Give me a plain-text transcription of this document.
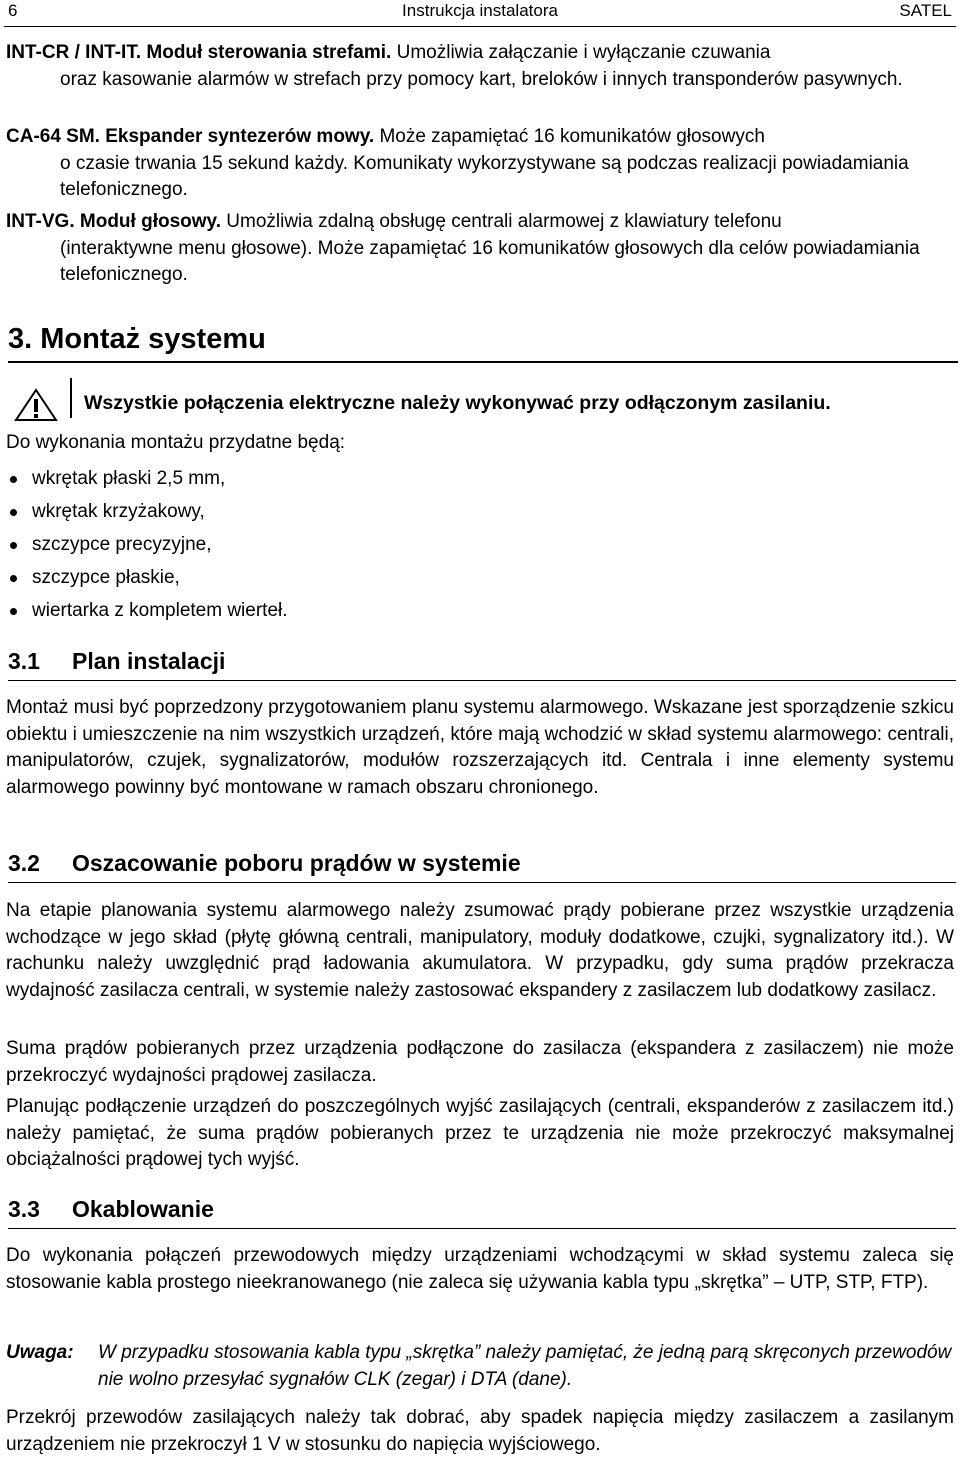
6	Instrukcja instalatora	SATEL
INT-CR / INT-IT. Moduł sterowania strefami. Umożliwia załączanie i wyłączanie czuwania
oraz kasowanie alarmów w strefach przy pomocy kart, breloków i innych transponderów pasywnych.
CA-64 SM. Ekspander syntezerów mowy. Może zapamiętać 16 komunikatów głosowych
o czasie trwania 15 sekund każdy. Komunikaty wykorzystywane są podczas realizacji powiadamiania telefonicznego.
INT-VG. Moduł głosowy. Umożliwia zdalną obsługę centrali alarmowej z klawiatury telefonu
(interaktywne menu głosowe). Może zapamiętać 16 komunikatów głosowych dla celów powiadamiania telefonicznego.
3. Montaż systemu
Wszystkie połączenia elektryczne należy wykonywać przy odłączonym zasilaniu.
Do wykonania montażu przydatne będą:
wkrętak płaski 2,5 mm,
wkrętak krzyżakowy,
szczypce precyzyjne,
szczypce płaskie,
wiertarka z kompletem wierteł.
3.1 Plan instalacji
Montaż musi być poprzedzony przygotowaniem planu systemu alarmowego. Wskazane jest sporządzenie szkicu obiektu i umieszczenie na nim wszystkich urządzeń, które mają wchodzić w skład systemu alarmowego: centrali, manipulatorów, czujek, sygnalizatorów, modułów rozszerzających itd. Centrala i inne elementy systemu alarmowego powinny być montowane w ramach obszaru chronionego.
3.2 Oszacowanie poboru prądów w systemie
Na etapie planowania systemu alarmowego należy zsumować prądy pobierane przez wszystkie urządzenia wchodzące w jego skład (płytę główną centrali, manipulatory, moduły dodatkowe, czujki, sygnalizatory itd.). W rachunku należy uwzględnić prąd ładowania akumulatora. W przypadku, gdy suma prądów przekracza wydajność zasilacza centrali, w systemie należy zastosować ekspandery z zasilaczem lub dodatkowy zasilacz.
Suma prądów pobieranych przez urządzenia podłączone do zasilacza (ekspandera z zasilaczem) nie może przekroczyć wydajności prądowej zasilacza.
Planując podłączenie urządzeń do poszczególnych wyjść zasilających (centrali, ekspanderów z zasilaczem itd.) należy pamiętać, że suma prądów pobieranych przez te urządzenia nie może przekroczyć maksymalnej obciążalności prądowej tych wyjść.
3.3 Okablowanie
Do wykonania połączeń przewodowych między urządzeniami wchodzącymi w skład systemu zaleca się stosowanie kabla prostego nieekranowanego (nie zaleca się używania kabla typu „skrętka” – UTP, STP, FTP).
Uwaga: W przypadku stosowania kabla typu „skrętka” należy pamiętać, że jedną parą skręconych przewodów nie wolno przesyłać sygnałów CLK (zegar) i DTA (dane).
Przekrój przewodów zasilających należy tak dobrać, aby spadek napięcia między zasilaczem a zasilanym urządzeniem nie przekroczył 1 V w stosunku do napięcia wyjściowego.
